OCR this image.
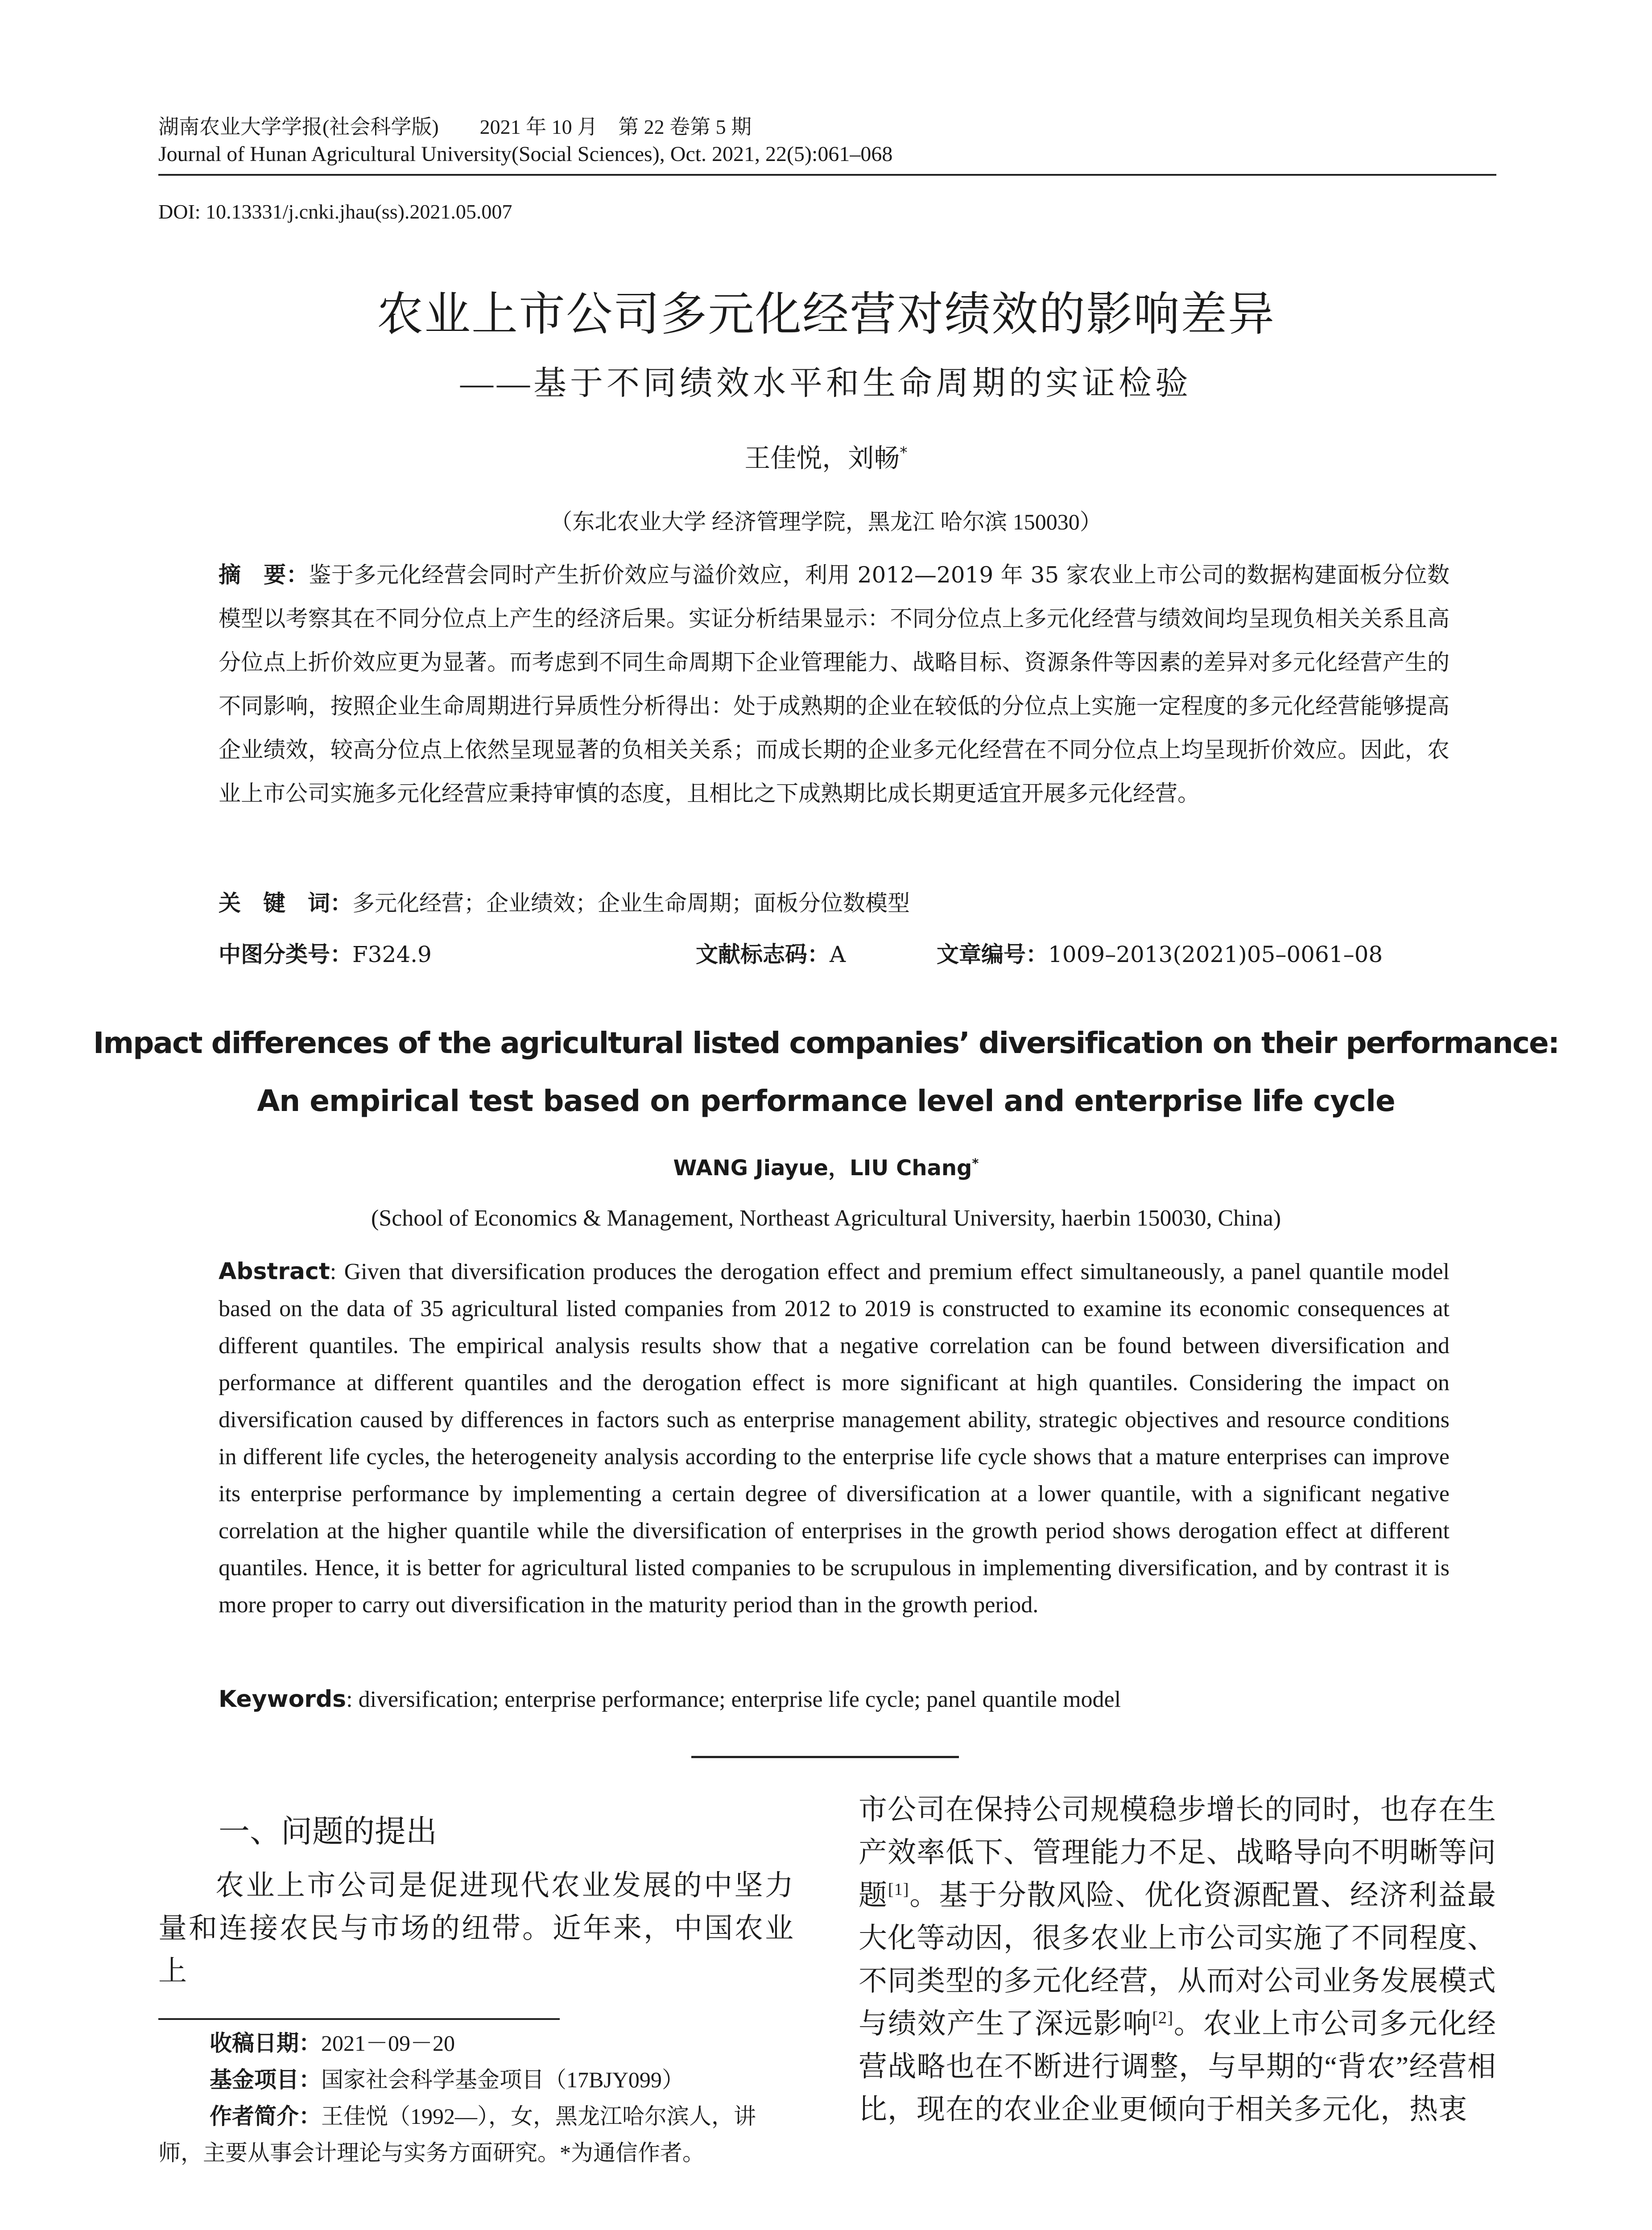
湖南农业大学学报(社会科学版)　　2021 年 10 月　第 22 卷第 5 期
Journal of Hunan Agricultural University(Social Sciences), Oct. 2021, 22(5):061–068
DOI: 10.13331/j.cnki.jhau(ss).2021.05.007
农业上市公司多元化经营对绩效的影响差异
——基于不同绩效水平和生命周期的实证检验
王佳悦，刘畅*
（东北农业大学 经济管理学院，黑龙江 哈尔滨 150030）
摘　要：鉴于多元化经营会同时产生折价效应与溢价效应，利用 2012—2019 年 35 家农业上市公司的数据构建面板分位数模型以考察其在不同分位点上产生的经济后果。实证分析结果显示：不同分位点上多元化经营与绩效间均呈现负相关关系且高分位点上折价效应更为显著。而考虑到不同生命周期下企业管理能力、战略目标、资源条件等因素的差异对多元化经营产生的不同影响，按照企业生命周期进行异质性分析得出：处于成熟期的企业在较低的分位点上实施一定程度的多元化经营能够提高企业绩效，较高分位点上依然呈现显著的负相关关系；而成长期的企业多元化经营在不同分位点上均呈现折价效应。因此，农业上市公司实施多元化经营应秉持审慎的态度，且相比之下成熟期比成长期更适宜开展多元化经营。
关　键　词：多元化经营；企业绩效；企业生命周期；面板分位数模型
中图分类号：F324.9	文献标志码：A	文章编号：1009–2013(2021)05–0061–08
Impact differences of the agricultural listed companies’ diversification on their performance:
An empirical test based on performance level and enterprise life cycle
WANG Jiayue，LIU Chang*
(School of Economics & Management, Northeast Agricultural University, haerbin 150030, China)
Abstract: Given that diversification produces the derogation effect and premium effect simultaneously, a panel quantile model based on the data of 35 agricultural listed companies from 2012 to 2019 is constructed to examine its economic consequences at different quantiles. The empirical analysis results show that a negative correlation can be found between diversification and performance at different quantiles and the derogation effect is more significant at high quantiles. Considering the impact on diversification caused by differences in factors such as enterprise management ability, strategic objectives and resource conditions in different life cycles, the heterogeneity analysis according to the enterprise life cycle shows that a mature enterprises can improve its enterprise performance by implementing a certain degree of diversification at a lower quantile, with a significant negative correlation at the higher quantile while the diversification of enterprises in the growth period shows derogation effect at different quantiles. Hence, it is better for agricultural listed companies to be scrupulous in implementing diversification, and by contrast it is more proper to carry out diversification in the maturity period than in the growth period.
Keywords: diversification; enterprise performance; enterprise life cycle; panel quantile model
一、问题的提出
农业上市公司是促进现代农业发展的中坚力量和连接农民与市场的纽带。近年来，中国农业上
市公司在保持公司规模稳步增长的同时，也存在生产效率低下、管理能力不足、战略导向不明晰等问题[1]。基于分散风险、优化资源配置、经济利益最大化等动因，很多农业上市公司实施了不同程度、不同类型的多元化经营，从而对公司业务发展模式与绩效产生了深远影响[2]。农业上市公司多元化经营战略也在不断进行调整，与早期的“背农”经营相比，现在的农业企业更倾向于相关多元化，热衷
收稿日期：2021－09－20
基金项目：国家社会科学基金项目（17BJY099）
作者简介：王佳悦（1992—），女，黑龙江哈尔滨人，讲师，主要从事会计理论与实务方面研究。*为通信作者。
